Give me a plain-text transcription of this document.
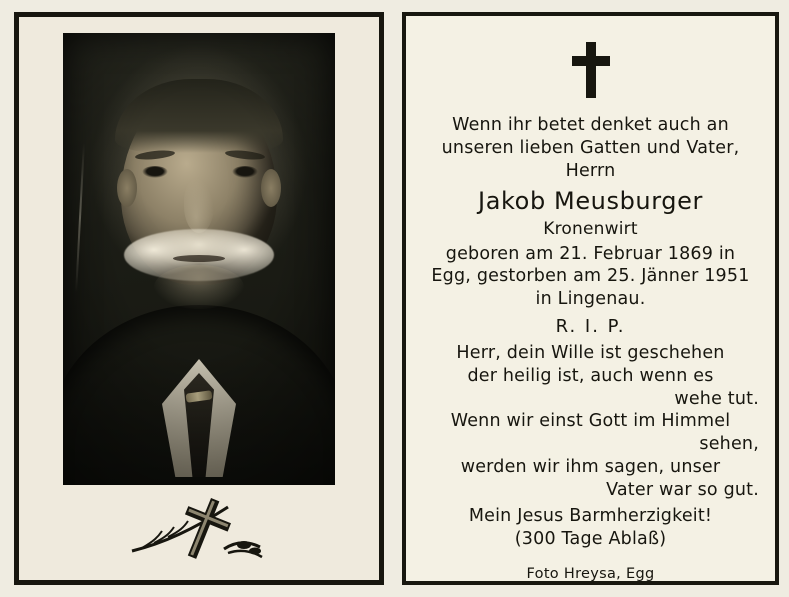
Wenn ihr betet denket auch an
unseren lieben Gatten und Vater,
Herrn
Jakob Meusburger
Kronenwirt
geboren am 21. Februar 1869 in
Egg, gestorben am 25. Jänner 1951
in Lingenau.
R. I. P.
Herr, dein Wille ist geschehen
der heilig ist, auch wenn es
wehe tut.
Wenn wir einst Gott im Himmel
sehen,
werden wir ihm sagen, unser
Vater war so gut.
Mein Jesus Barmherzigkeit!
(300 Tage Ablaß)
Foto Hreysa, Egg
